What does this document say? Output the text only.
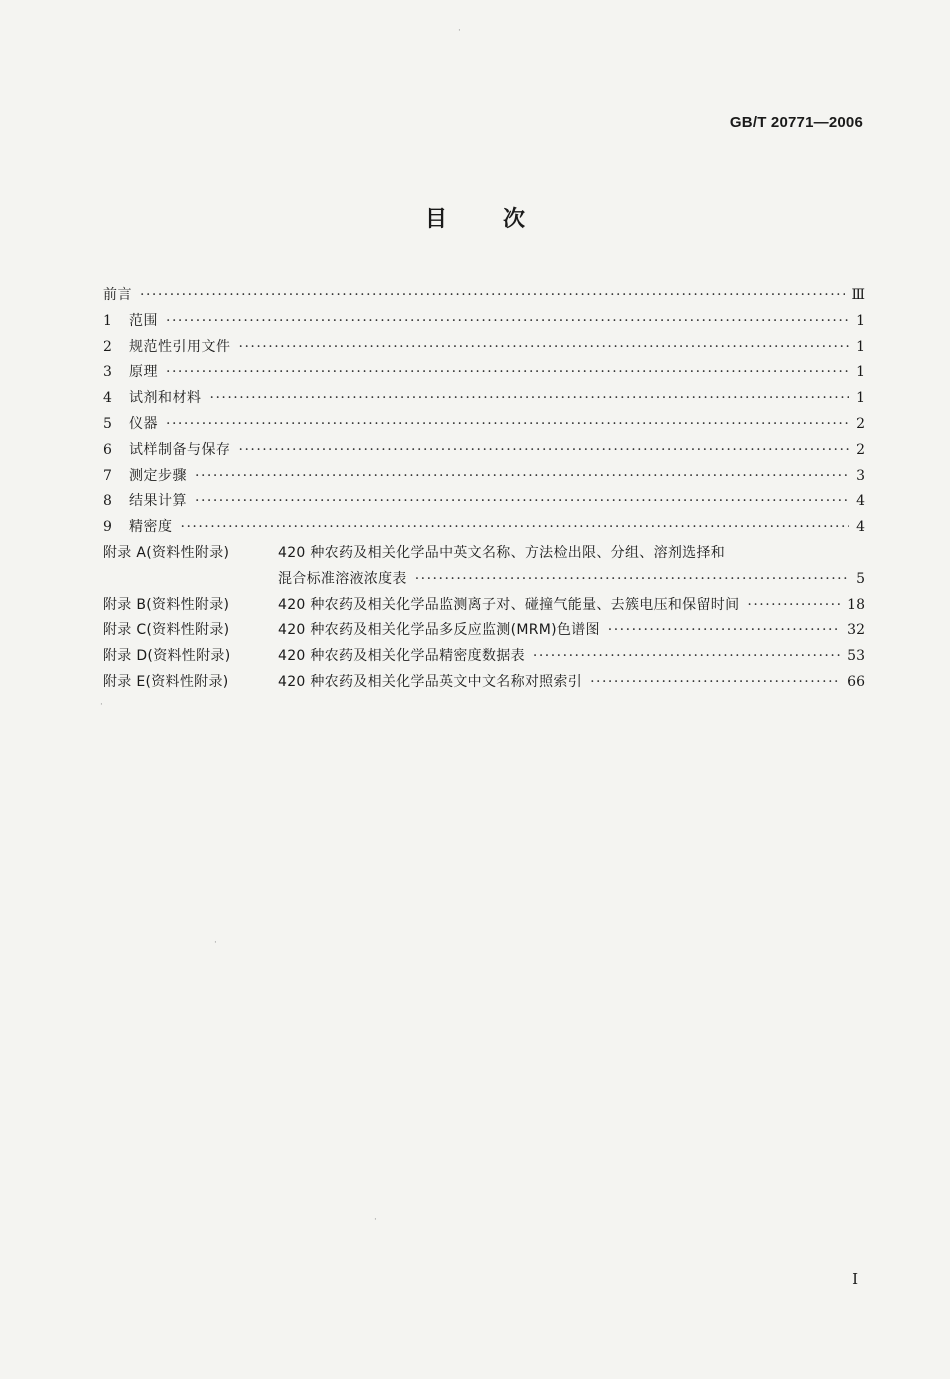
GB/T 20771—2006
目	次
前言 ·····	Ⅲ
1	范围 ·····	1
2	规范性引用文件 ·····	1
3	原理 ·····	1
4	试剂和材料 ·····	1
5	仪器 ·····	2
6	试样制备与保存 ·····	2
7	测定步骤 ·····	3
8	结果计算 ·····	4
9	精密度 ·····	4
附录 A(资料性附录)	420 种农药及相关化学品中英文名称、方法检出限、分组、溶剂选择和
混合标准溶液浓度表 ·····	5
附录 B(资料性附录)	420 种农药及相关化学品监测离子对、碰撞气能量、去簇电压和保留时间 ·····	18
附录 C(资料性附录)	420 种农药及相关化学品多反应监测(MRM)色谱图 ·····	32
附录 D(资料性附录)	420 种农药及相关化学品精密度数据表 ·····	53
附录 E(资料性附录)	420 种农药及相关化学品英文中文名称对照索引 ·····	66
I
·
·
·
·
